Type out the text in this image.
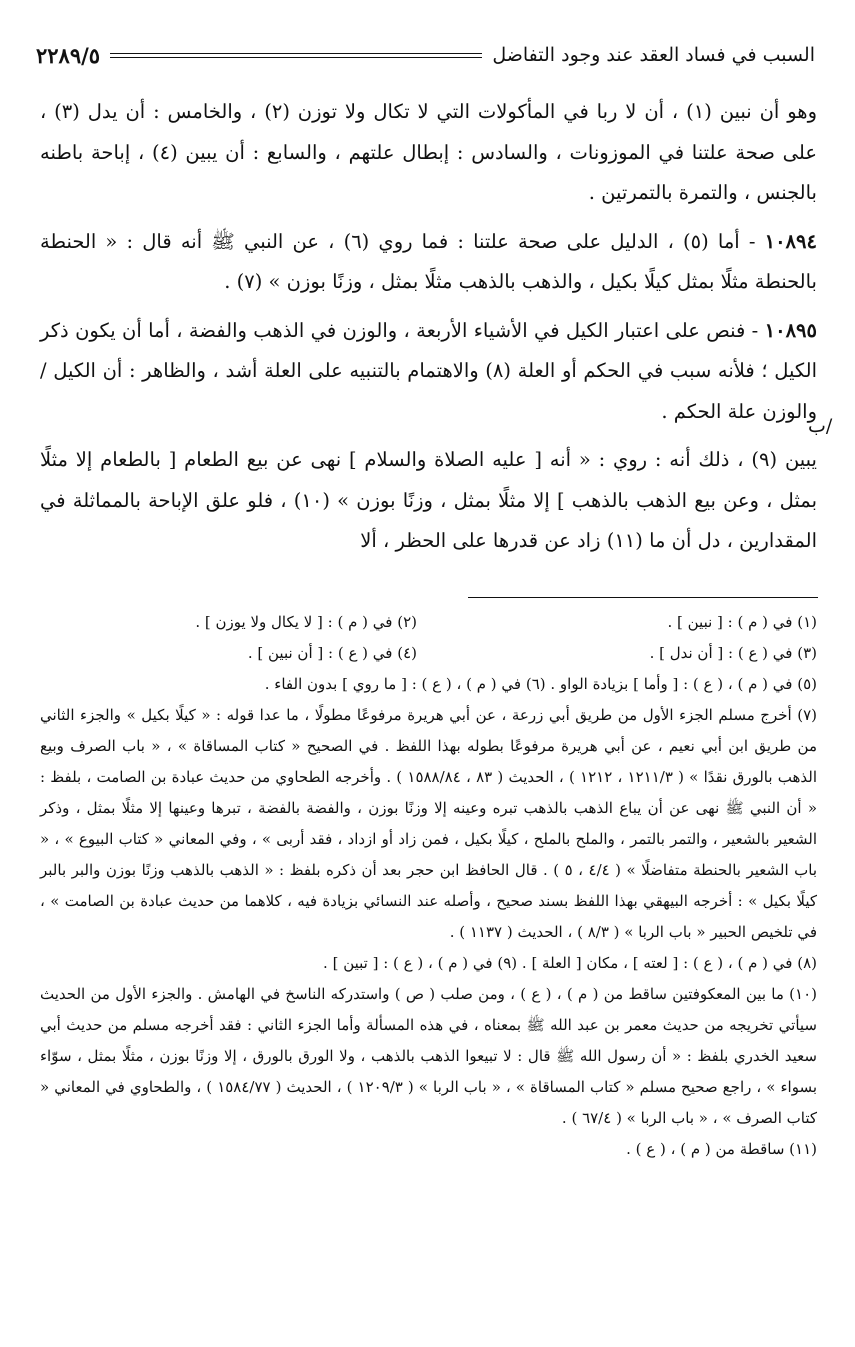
السبب في فساد العقد عند وجود التفاضل
٢٢٨٩/٥
/ب

وهو أن نبين (١) ، أن لا ربا في المأكولات التي لا تكال ولا توزن (٢) ، والخامس : أن يدل (٣) ، على صحة علتنا في الموزونات ، والسادس : إبطال علتهم ، والسابع : أن يبين (٤) ، إباحة باطنه بالجنس ، والتمرة بالتمرتين .

١٠٨٩٤ - أما (٥) ، الدليل على صحة علتنا : فما روي (٦) ، عن النبي ﷺ أنه قال : « الحنطة بالحنطة مثلًا بمثل كيلًا بكيل ، والذهب بالذهب مثلًا بمثل ، وزنًا بوزن » (٧) .

١٠٨٩٥ - فنص على اعتبار الكيل في الأشياء الأربعة ، والوزن في الذهب والفضة ، أما أن يكون ذكر الكيل ؛ فلأنه سبب في الحكم أو العلة (٨) والاهتمام بالتنبيه على العلة أشد ، والظاهر : أن الكيل / والوزن علة الحكم .

يبين (٩) ، ذلك أنه : روي : « أنه [ عليه الصلاة والسلام ] نهى عن بيع الطعام [ بالطعام إلا مثلًا بمثل ، وعن بيع الذهب بالذهب ] إلا مثلًا بمثل ، وزنًا بوزن » (١٠) ، فلو علق الإباحة بالمماثلة في المقدارين ، دل أن ما (١١) زاد عن قدرها على الحظر ، ألا

(١) في ( م ) : [ نبين ] .
(٢) في ( م ) : [ لا يكال ولا يوزن ] .
(٣) في ( ع ) : [ أن ندل ] .
(٤) في ( ع ) : [ أن نبين ] .

(٥) في ( م ) ، ( ع ) : [ وأما ] بزيادة الواو . (٦) في ( م ) ، ( ع ) : [ ما روي ] بدون الفاء .

(٧) أخرج مسلم الجزء الأول من طريق أبي زرعة ، عن أبي هريرة مرفوعًا مطولًا ، ما عدا قوله : « كيلًا بكيل » والجزء الثاني من طريق ابن أبي نعيم ، عن أبي هريرة مرفوعًا بطوله بهذا اللفظ . في الصحيح « كتاب المساقاة » ، « باب الصرف وبيع الذهب بالورق نقدًا » ( ١٢١١/٣ ، ١٢١٢ ) ، الحديث ( ٨٣ ، ١٥٨٨/٨٤ ) . وأخرجه الطحاوي من حديث عبادة بن الصامت ، بلفظ : « أن النبي ﷺ نهى عن أن يباع الذهب بالذهب تبره وعينه إلا وزنًا بوزن ، والفضة بالفضة ، تبرها وعينها إلا مثلًا بمثل ، وذكر الشعير بالشعير ، والتمر بالتمر ، والملح بالملح ، كيلًا بكيل ، فمن زاد أو ازداد ، فقد أربى » ، وفي المعاني « كتاب البيوع » ، « باب الشعير بالحنطة متفاضلًا » ( ٤/٤ ، ٥ ) . قال الحافظ ابن حجر بعد أن ذكره بلفظ : « الذهب بالذهب وزنًا بوزن والبر بالبر كيلًا بكيل » : أخرجه البيهقي بهذا اللفظ بسند صحيح ، وأصله عند النسائي بزيادة فيه ، كلاهما من حديث عبادة بن الصامت » ، في تلخيص الحبير « باب الربا » ( ٨/٣ ) ، الحديث ( ١١٣٧ ) .

(٨) في ( م ) ، ( ع ) : [ لعته ] ، مكان [ العلة ] . (٩) في ( م ) ، ( ع ) : [ تبين ] .

(١٠) ما بين المعكوفتين ساقط من ( م ) ، ( ع ) ، ومن صلب ( ص ) واستدركه الناسخ في الهامش . والجزء الأول من الحديث سيأتي تخريجه من حديث معمر بن عبد الله ﷺ بمعناه ، في هذه المسألة وأما الجزء الثاني : فقد أخرجه مسلم من حديث أبي سعيد الخدري بلفظ : « أن رسول الله ﷺ قال : لا تبيعوا الذهب بالذهب ، ولا الورق بالورق ، إلا وزنًا بوزن ، مثلًا بمثل ، سوّاء بسواء » ، راجع صحيح مسلم « كتاب المساقاة » ، « باب الربا » ( ١٢٠٩/٣ ) ، الحديث ( ١٥٨٤/٧٧ ) ، والطحاوي في المعاني « كتاب الصرف » ، « باب الربا » ( ٦٧/٤ ) .

(١١) ساقطة من ( م ) ، ( ع ) .
